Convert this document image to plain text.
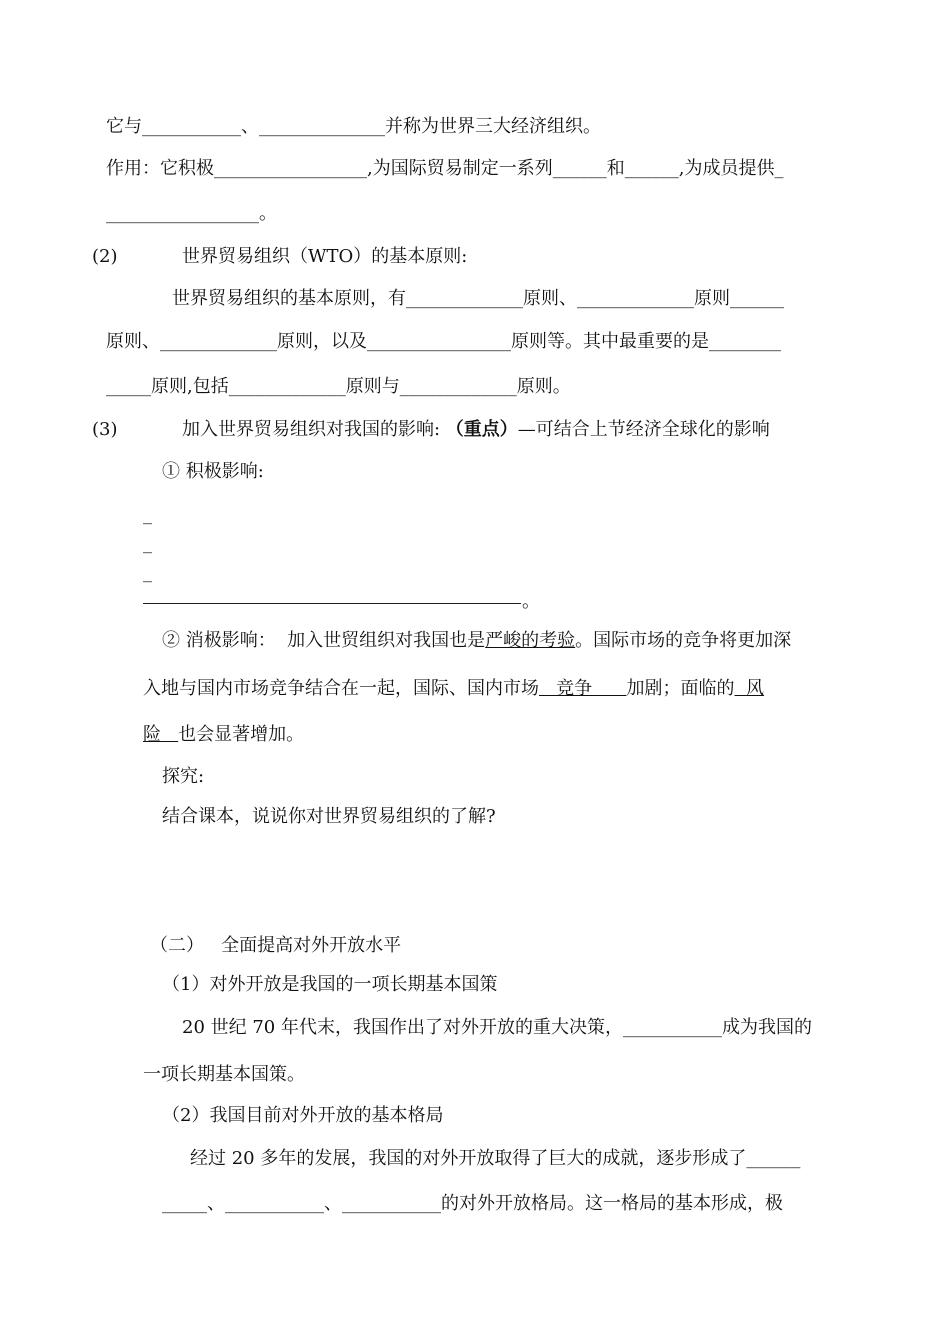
它与___________、______________并称为世界三大经济组织。
作用：它积极_________________,为国际贸易制定一系列______和______,为成员提供_
_________________。
(2)	世界贸易组织（WTO）的基本原则:
世界贸易组织的基本原则，有_____________原则、_____________原则______
原则、_____________原则，以及________________原则等。其中最重要的是________
_____原则,包括_____________原则与_____________原则。
(3)	加入世界贸易组织对我国的影响: （重点）—可结合上节经济全球化的影响
① 积极影响:
_
_
_
。
② 消极影响：  加入世贸组织对我国也是严峻的考验。国际市场的竞争将更加深
入地与国内市场竞争结合在一起，国际、国内市场   竞争      加剧；面临的  风
险   也会显著增加。
探究:
结合课本，说说你对世界贸易组织的了解?
（二）   全面提高对外开放水平
（1）对外开放是我国的一项长期基本国策
20 世纪 70 年代末，我国作出了对外开放的重大决策，___________成为我国的
一项长期基本国策。
（2）我国目前对外开放的基本格局
经过 20 多年的发展，我国的对外开放取得了巨大的成就，逐步形成了______
_____、___________、___________的对外开放格局。这一格局的基本形成，极
